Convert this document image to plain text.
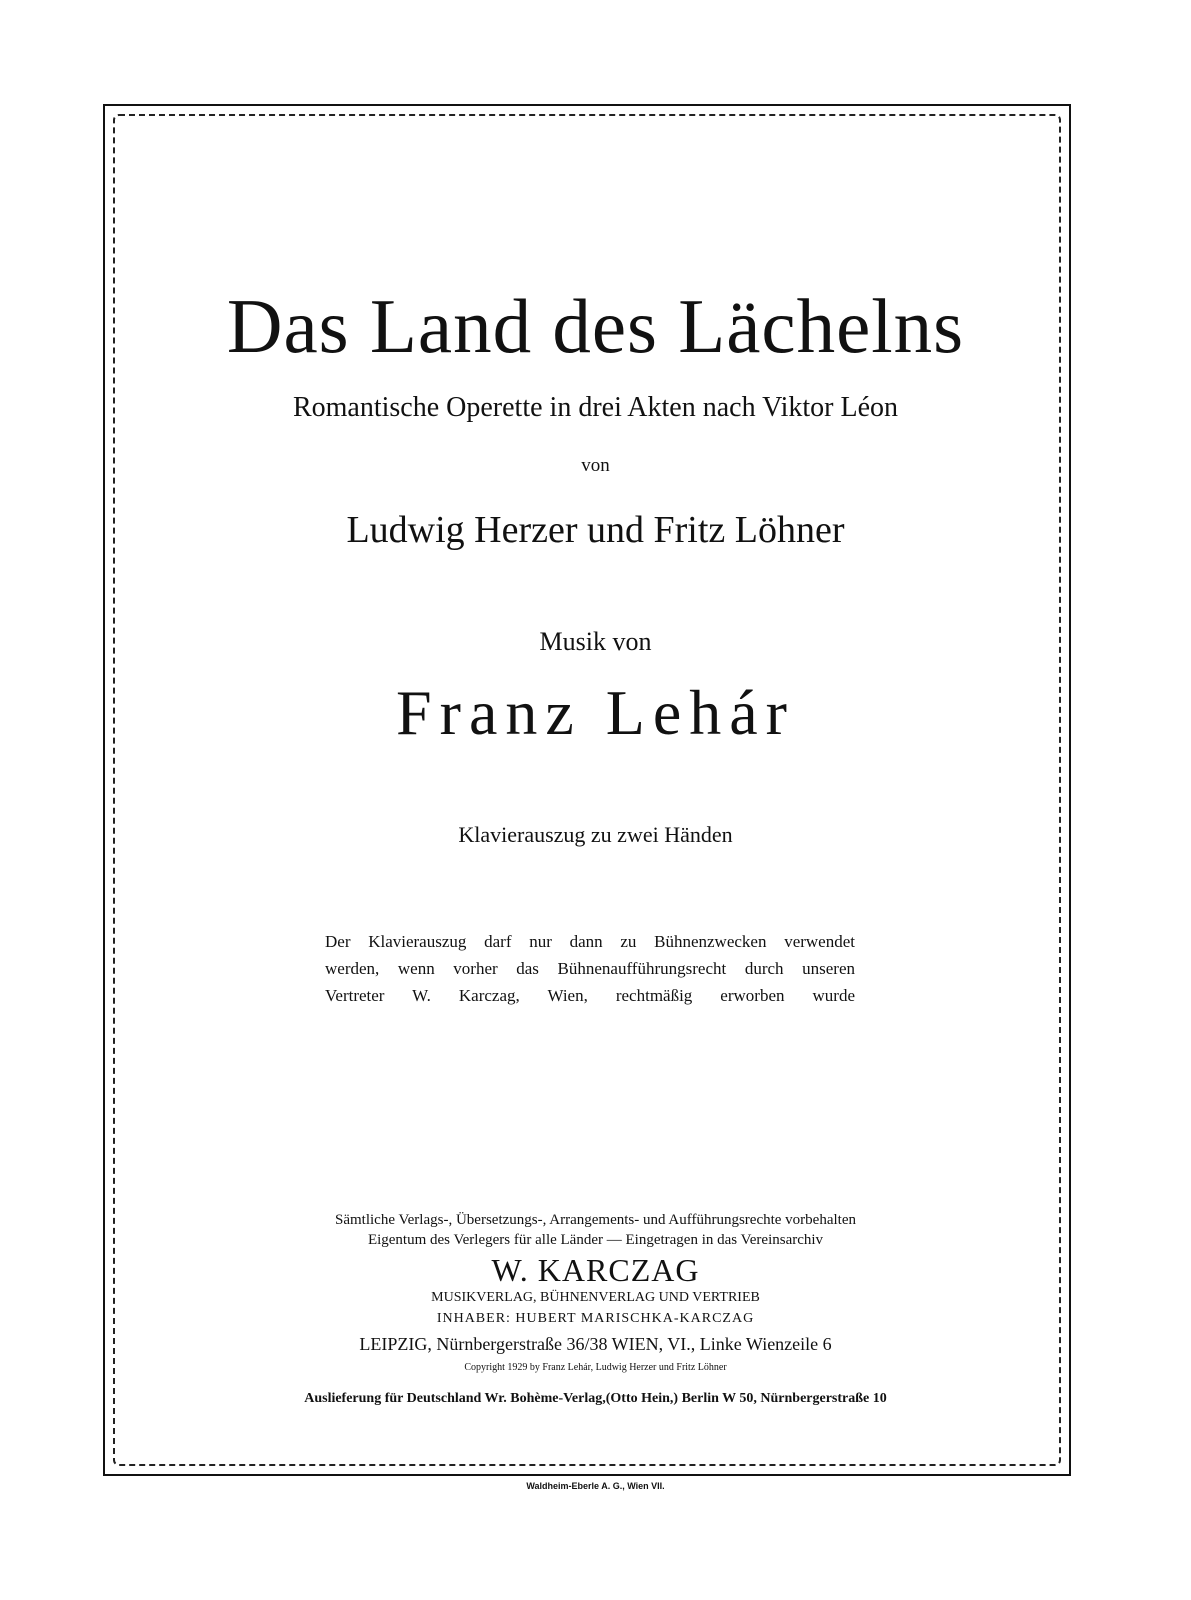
Das Land des Lächelns
Romantische Operette in drei Akten nach Viktor Léon
von
Ludwig Herzer und Fritz Löhner
Musik von
Franz Lehár
Klavierauszug zu zwei Händen
Der Klavierauszug darf nur dann zu Bühnenzwecken verwendet
werden, wenn vorher das Bühnenaufführungsrecht durch unseren
Vertreter W. Karczag, Wien, rechtmäßig erworben wurde
Sämtliche Verlags-, Übersetzungs-, Arrangements- und Aufführungsrechte vorbehalten
Eigentum des Verlegers für alle Länder — Eingetragen in das Vereinsarchiv
W. KARCZAG
MUSIKVERLAG, BÜHNENVERLAG UND VERTRIEB
INHABER: HUBERT MARISCHKA-KARCZAG
LEIPZIG, Nürnbergerstraße 36/38 WIEN, VI., Linke Wienzeile 6
Copyright 1929 by Franz Lehár, Ludwig Herzer und Fritz Löhner
Auslieferung für Deutschland Wr. Bohème-Verlag,(Otto Hein,) Berlin W 50, Nürnbergerstraße 10
Waldheim-Eberle A. G., Wien VII.
